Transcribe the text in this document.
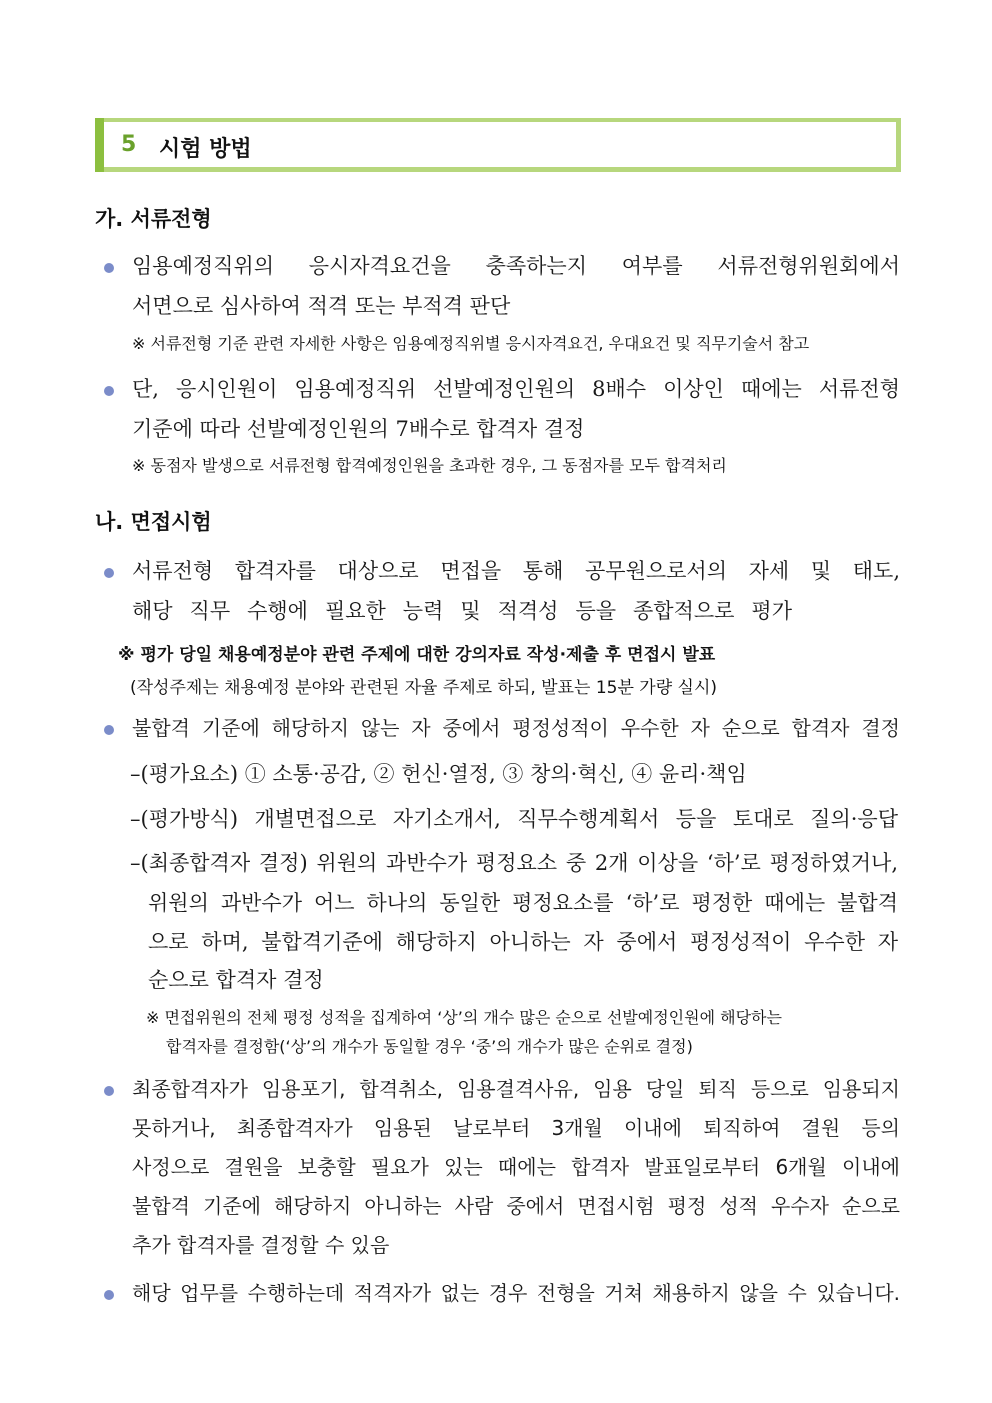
5 시험 방법
가. 서류전형
임용예정직위의 응시자격요건을 충족하는지 여부를 서류전형위원회에서
서면으로 심사하여 적격 또는 부적격 판단
※ 서류전형 기준 관련 자세한 사항은 임용예정직위별 응시자격요건, 우대요건 및 직무기술서 참고
단, 응시인원이 임용예정직위 선발예정인원의 8배수 이상인 때에는 서류전형
기준에 따라 선발예정인원의 7배수로 합격자 결정
※ 동점자 발생으로 서류전형 합격예정인원을 초과한 경우, 그 동점자를 모두 합격처리
나. 면접시험
서류전형 합격자를 대상으로 면접을 통해 공무원으로서의 자세 및 태도,
해당 직무 수행에 필요한 능력 및 적격성 등을 종합적으로 평가
※ 평가 당일 채용예정분야 관련 주제에 대한 강의자료 작성·제출 후 면접시 발표
(작성주제는 채용예정 분야와 관련된 자율 주제로 하되, 발표는 15분 가량 실시)
불합격 기준에 해당하지 않는 자 중에서 평정성적이 우수한 자 순으로 합격자 결정
–(평가요소) ① 소통·공감, ② 헌신·열정, ③ 창의·혁신, ④ 윤리·책임
–(평가방식) 개별면접으로 자기소개서, 직무수행계획서 등을 토대로 질의·응답
–(최종합격자 결정) 위원의 과반수가 평정요소 중 2개 이상을 ‘하’로 평정하였거나,
위원의 과반수가 어느 하나의 동일한 평정요소를 ‘하’로 평정한 때에는 불합격
으로 하며, 불합격기준에 해당하지 아니하는 자 중에서 평정성적이 우수한 자
순으로 합격자 결정
※ 면접위원의 전체 평정 성적을 집계하여 ‘상’의 개수 많은 순으로 선발예정인원에 해당하는
합격자를 결정함(‘상’의 개수가 동일할 경우 ‘중’의 개수가 많은 순위로 결정)
최종합격자가 임용포기, 합격취소, 임용결격사유, 임용 당일 퇴직 등으로 임용되지
못하거나, 최종합격자가 임용된 날로부터 3개월 이내에 퇴직하여 결원 등의
사정으로 결원을 보충할 필요가 있는 때에는 합격자 발표일로부터 6개월 이내에
불합격 기준에 해당하지 아니하는 사람 중에서 면접시험 평정 성적 우수자 순으로
추가 합격자를 결정할 수 있음
해당 업무를 수행하는데 적격자가 없는 경우 전형을 거쳐 채용하지 않을 수 있습니다.
